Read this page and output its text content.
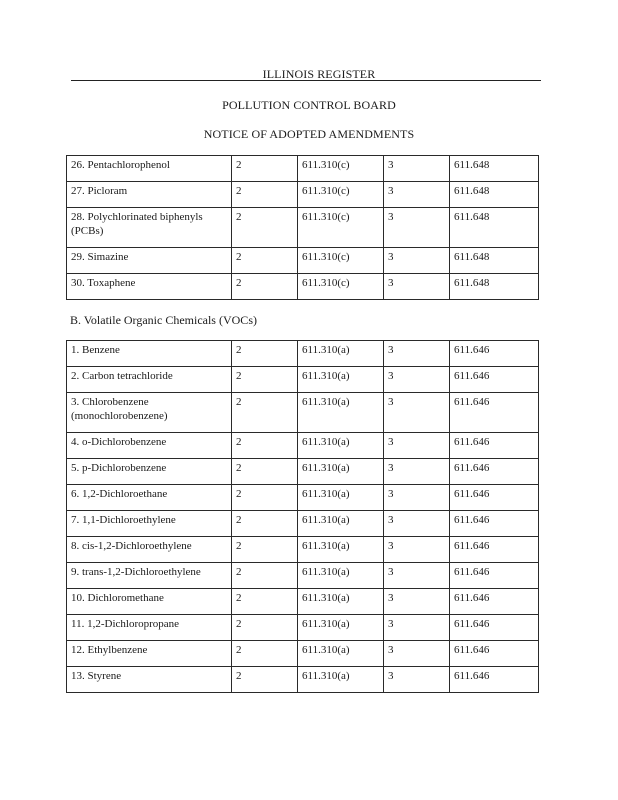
ILLINOIS REGISTER
POLLUTION CONTROL BOARD
NOTICE OF ADOPTED AMENDMENTS
26. Pentachlorophenol	2	611.310(c)	3	611.648
27. Picloram	2	611.310(c)	3	611.648
28. Polychlorinated biphenyls (PCBs)	2	611.310(c)	3	611.648
29. Simazine	2	611.310(c)	3	611.648
30. Toxaphene	2	611.310(c)	3	611.648
B. Volatile Organic Chemicals (VOCs)
1. Benzene	2	611.310(a)	3	611.646
2. Carbon tetrachloride	2	611.310(a)	3	611.646
3. Chlorobenzene (monochlorobenzene)	2	611.310(a)	3	611.646
4. o-Dichlorobenzene	2	611.310(a)	3	611.646
5. p-Dichlorobenzene	2	611.310(a)	3	611.646
6. 1,2-Dichloroethane	2	611.310(a)	3	611.646
7. 1,1-Dichloroethylene	2	611.310(a)	3	611.646
8. cis-1,2-Dichloroethylene	2	611.310(a)	3	611.646
9. trans-1,2-Dichloroethylene	2	611.310(a)	3	611.646
10. Dichloromethane	2	611.310(a)	3	611.646
11. 1,2-Dichloropropane	2	611.310(a)	3	611.646
12. Ethylbenzene	2	611.310(a)	3	611.646
13. Styrene	2	611.310(a)	3	611.646
